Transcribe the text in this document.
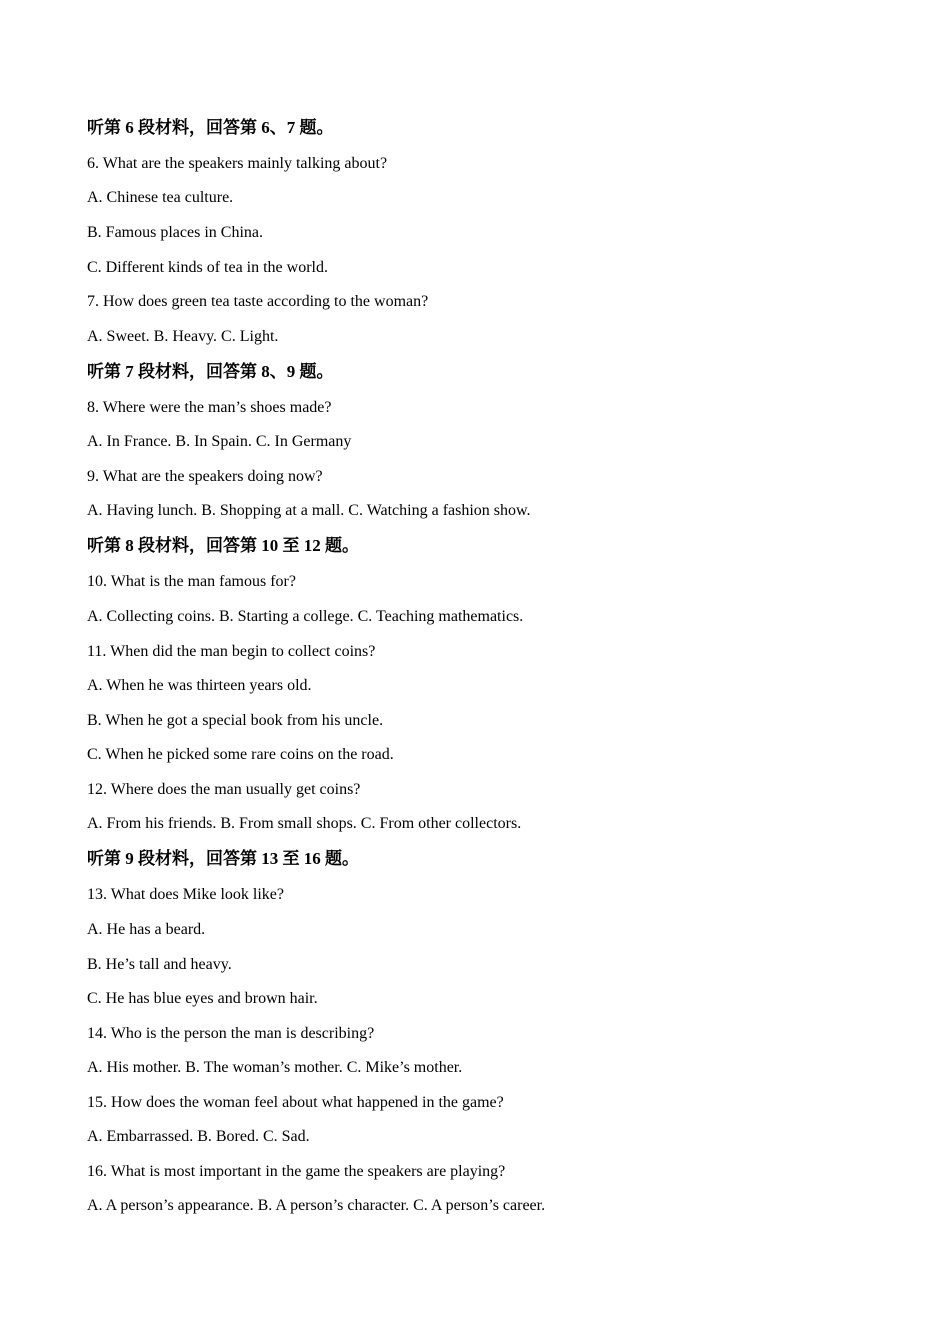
听第 6 段材料，回答第 6、7 题。
6. What are the speakers mainly talking about?
A. Chinese tea culture.
B. Famous places in China.
C. Different kinds of tea in the world.
7. How does green tea taste according to the woman?
A. Sweet. B. Heavy. C. Light.
听第 7 段材料，回答第 8、9 题。
8. Where were the man’s shoes made?
A. In France. B. In Spain. C. In Germany
9. What are the speakers doing now?
A. Having lunch. B. Shopping at a mall. C. Watching a fashion show.
听第 8 段材料，回答第 10 至 12 题。
10. What is the man famous for?
A. Collecting coins. B. Starting a college. C. Teaching mathematics.
11. When did the man begin to collect coins?
A. When he was thirteen years old.
B. When he got a special book from his uncle.
C. When he picked some rare coins on the road.
12. Where does the man usually get coins?
A. From his friends. B. From small shops. C. From other collectors.
听第 9 段材料，回答第 13 至 16 题。
13. What does Mike look like?
A. He has a beard.
B. He’s tall and heavy.
C. He has blue eyes and brown hair.
14. Who is the person the man is describing?
A. His mother. B. The woman’s mother. C. Mike’s mother.
15. How does the woman feel about what happened in the game?
A. Embarrassed. B. Bored. C. Sad.
16. What is most important in the game the speakers are playing?
A. A person’s appearance. B. A person’s character. C. A person’s career.
